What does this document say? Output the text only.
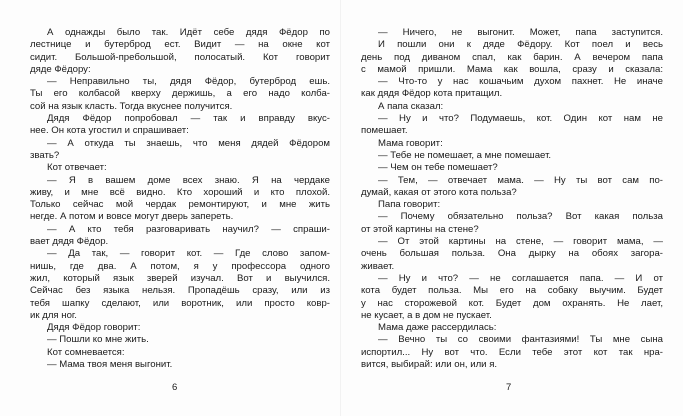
А однажды было так. Идёт себе дядя Фёдор по
лестнице и бутерброд ест. Видит — на окне кот
сидит. Большой-пребольшой, полосатый. Кот говорит
дяде Фёдору:
— Неправильно ты, дядя Фёдор, бутерброд ешь.
Ты его колбасой кверху держишь, а его надо колба-
сой на язык класть. Тогда вкуснее получится.
Дядя Фёдор попробовал — так и вправду вкус-
нее. Он кота угостил и спрашивает:
— А откуда ты знаешь, что меня дядей Фёдором
звать?
Кот отвечает:
— Я в вашем доме всех знаю. Я на чердаке
живу, и мне всё видно. Кто хороший и кто плохой.
Только сейчас мой чердак ремонтируют, и мне жить
негде. А потом и вовсе могут дверь запереть.
— А кто тебя разговаривать научил? — спраши-
вает дядя Фёдор.
— Да так, — говорит кот. — Где слово запом-
нишь, где два. А потом, я у профессора одного
жил, который язык зверей изучал. Вот и выучился.
Сейчас без языка нельзя. Пропадёшь сразу, или из
тебя шапку сделают, или воротник, или просто ковр-
ик для ног.
Дядя Фёдор говорит:
— Пошли ко мне жить.
Кот сомневается:
— Мама твоя меня выгонит.
— Ничего, не выгонит. Может, папа заступится.
И пошли они к дяде Фёдору. Кот поел и весь
день под диваном спал, как барин. А вечером папа
с мамой пришли. Мама как вошла, сразу и сказала:
— Что-то у нас кошачьим духом пахнет. Не иначе
как дядя Фёдор кота притащил.
А папа сказал:
— Ну и что? Подумаешь, кот. Один кот нам не
помешает.
Мама говорит:
— Тебе не помешает, а мне помешает.
— Чем он тебе помешает?
— Тем, — отвечает мама. — Ну ты вот сам по-
думай, какая от этого кота польза?
Папа говорит:
— Почему обязательно польза? Вот какая польза
от этой картины на стене?
— От этой картины на стене, — говорит мама, —
очень большая польза. Она дырку на обоях загора-
живает.
— Ну и что? — не соглашается папа. — И от
кота будет польза. Мы его на собаку выучим. Будет
у нас сторожевой кот. Будет дом охранять. Не лает,
не кусает, а в дом не пускает.
Мама даже рассердилась:
— Вечно ты со своими фантазиями! Ты мне сына
испортил... Ну вот что. Если тебе этот кот так нра-
вится, выбирай: или он, или я.
6	7
